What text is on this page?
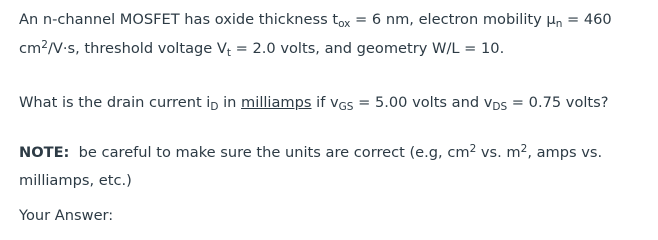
An n-channel MOSFET has oxide thickness $t_{ox} = 6$ nm, electron mobility $\mu_n = 460$
$cm^2/V\cdot s$, threshold voltage $V_t = 2.0$ volts, and geometry W/L = 10.
What is the drain current $i_D$ in milliamps if $v_{GS} = 5.00$ volts and $v_{DS} = 0.75$ volts?
NOTE:  be careful to make sure the units are correct (e.g, $cm^2$ vs. $m^2$, amps vs.
milliamps, etc.)
Your Answer:
